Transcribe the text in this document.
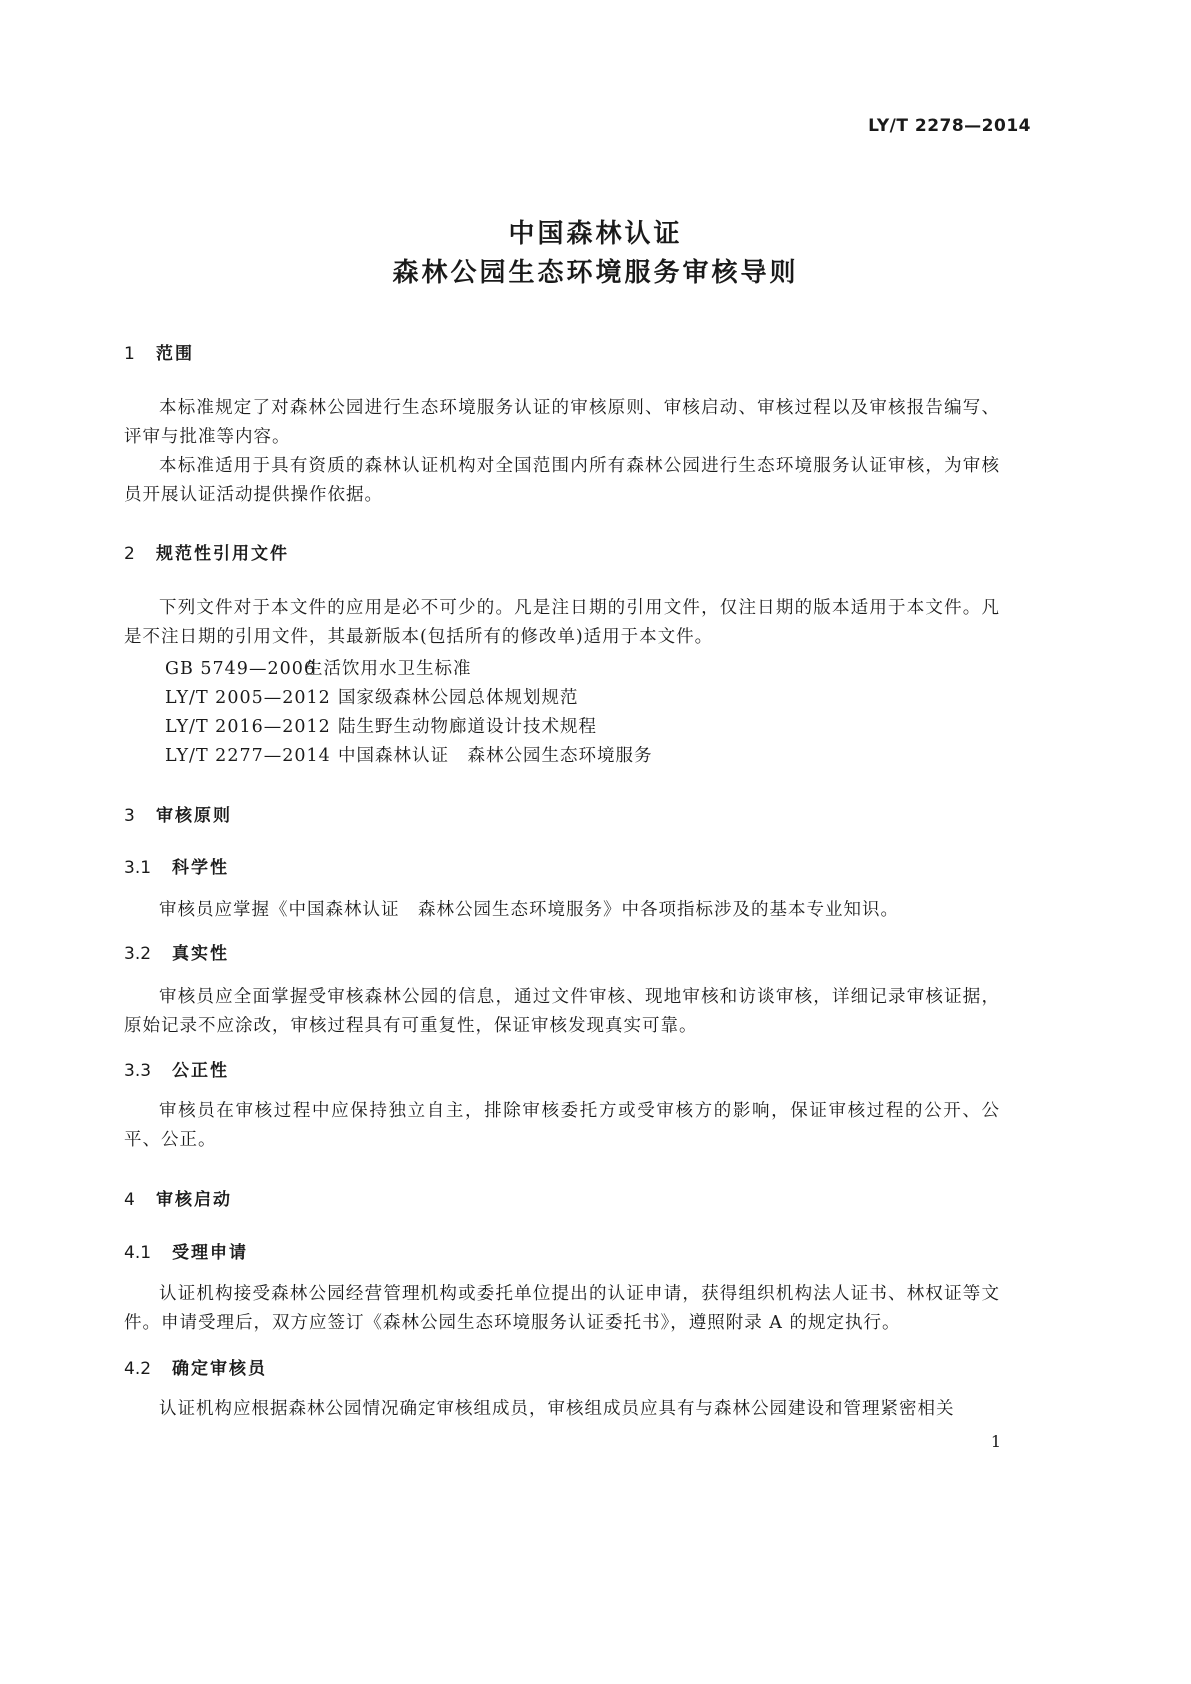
LY/T 2278—2014
中国森林认证
森林公园生态环境服务审核导则
1 范围
本标准规定了对森林公园进行生态环境服务认证的审核原则、审核启动、审核过程以及审核报告编写、评审与批准等内容。
本标准适用于具有资质的森林认证机构对全国范围内所有森林公园进行生态环境服务认证审核，为审核员开展认证活动提供操作依据。
2 规范性引用文件
下列文件对于本文件的应用是必不可少的。凡是注日期的引用文件，仅注日期的版本适用于本文件。凡是不注日期的引用文件，其最新版本(包括所有的修改单)适用于本文件。
GB 5749—2006生活饮用水卫生标准
LY/T 2005—2012 国家级森林公园总体规划规范
LY/T 2016—2012 陆生野生动物廊道设计技术规程
LY/T 2277—2014 中国森林认证　森林公园生态环境服务
3 审核原则
3.1 科学性
审核员应掌握《中国森林认证　森林公园生态环境服务》中各项指标涉及的基本专业知识。
3.2 真实性
审核员应全面掌握受审核森林公园的信息，通过文件审核、现地审核和访谈审核，详细记录审核证据，原始记录不应涂改，审核过程具有可重复性，保证审核发现真实可靠。
3.3 公正性
审核员在审核过程中应保持独立自主，排除审核委托方或受审核方的影响，保证审核过程的公开、公平、公正。
4 审核启动
4.1 受理申请
认证机构接受森林公园经营管理机构或委托单位提出的认证申请，获得组织机构法人证书、林权证等文件。申请受理后，双方应签订《森林公园生态环境服务认证委托书》，遵照附录 A 的规定执行。
4.2 确定审核员
认证机构应根据森林公园情况确定审核组成员，审核组成员应具有与森林公园建设和管理紧密相关
1
